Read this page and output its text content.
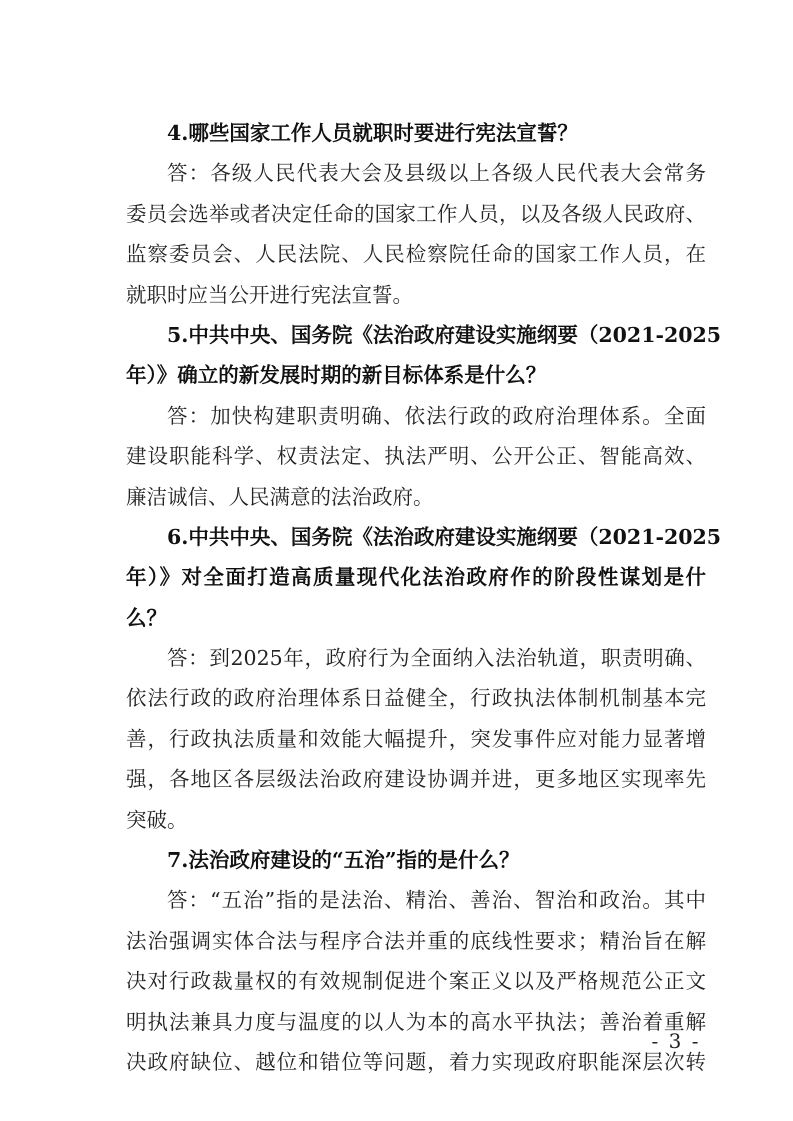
4.哪些国家工作人员就职时要进行宪法宣誓？
答：各级人民代表大会及县级以上各级人民代表大会常务
委员会选举或者决定任命的国家工作人员，以及各级人民政府、
监察委员会、人民法院、人民检察院任命的国家工作人员，在
就职时应当公开进行宪法宣誓。
5.中共中央、国务院《法治政府建设实施纲要（2021-2025
年）》确立的新发展时期的新目标体系是什么？
答：加快构建职责明确、依法行政的政府治理体系。全面
建设职能科学、权责法定、执法严明、公开公正、智能高效、
廉洁诚信、人民满意的法治政府。
6.中共中央、国务院《法治政府建设实施纲要（2021-2025
年）》对全面打造高质量现代化法治政府作的阶段性谋划是什
么？
答：到2025年，政府行为全面纳入法治轨道，职责明确、
依法行政的政府治理体系日益健全，行政执法体制机制基本完
善，行政执法质量和效能大幅提升，突发事件应对能力显著增
强，各地区各层级法治政府建设协调并进，更多地区实现率先
突破。
7.法治政府建设的“五治”指的是什么？
答：“五治”指的是法治、精治、善治、智治和政治。其中
法治强调实体合法与程序合法并重的底线性要求；精治旨在解
决对行政裁量权的有效规制促进个案正义以及严格规范公正文
明执法兼具力度与温度的以人为本的高水平执法；善治着重解
决政府缺位、越位和错位等问题，着力实现政府职能深层次转
- 3 -
